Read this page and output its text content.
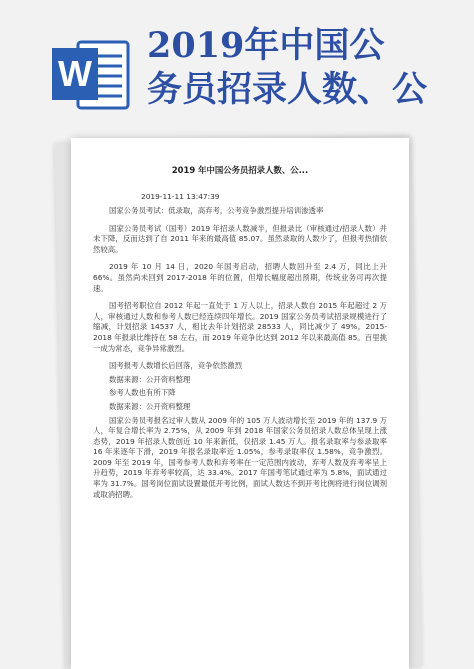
W
2019年中国公
务员招录人数、公
2019 年中国公务员招录人数、公...
2019-11-11 13:47:39

国家公务员考试：低录取，高弃考，公考竞争激烈提升培训渗透率

国家公务员考试（国考）2019 年招录人数减半，但报录比（审核通过/招录人数）并未下降，反而达到了自 2011 年来的最高值 85.07。虽然录取的人数少了，但报考热情依然较高。

2019 年 10 月 14 日，2020 年国考启动，招聘人数回升至 2.4 万，同比上升 66%。虽然尚未回到 2017-2018 年的位置，但增长幅度超出预期，传统业务可再次提速。

国考招考职位自 2012 年起一直处于 1 万人以上，招录人数自 2015 年起超过 2 万人，审核通过人数和参考人数已经连续四年增长。2019 国家公务员考试招录规模进行了缩减，计划招录 14537 人，相比去年计划招录 28533 人，同比减少了 49%。2015-2018 年报录比维持在 58 左右，而 2019 年竞争比达到 2012 年以来最高值 85。百里挑一成为常态，竞争异常激烈。

国考报考人数增长后回落，竞争依然激烈

数据来源：公开资料整理

参考人数也有所下降

数据来源：公开资料整理

国家公务员考报名过审人数从 2009 年的 105 万人波动增长至 2019 年的 137.9 万人，年复合增长率为 2.75%，从 2009 年到 2018 年国家公务员招录人数总体呈现上涨态势，2019 年招录人数创近 10 年来新低，仅招录 1.45 万人。报名录取率与参录取率 16 年来逐年下滑，2019 年报名录取率近 1.05%，参考录取率仅 1.58%，竞争激烈。2009 年至 2019 年，国考参考人数和弃考率在一定范围内波动，弃考人数及弃考率呈上升趋势，2019 年弃考率较高，达 33.4%。2017 年国考笔试通过率为 5.8%，面试通过率为 31.7%。国考岗位面试设置最低开考比例，面试人数达不到开考比例将进行岗位调剂或取消招聘。
